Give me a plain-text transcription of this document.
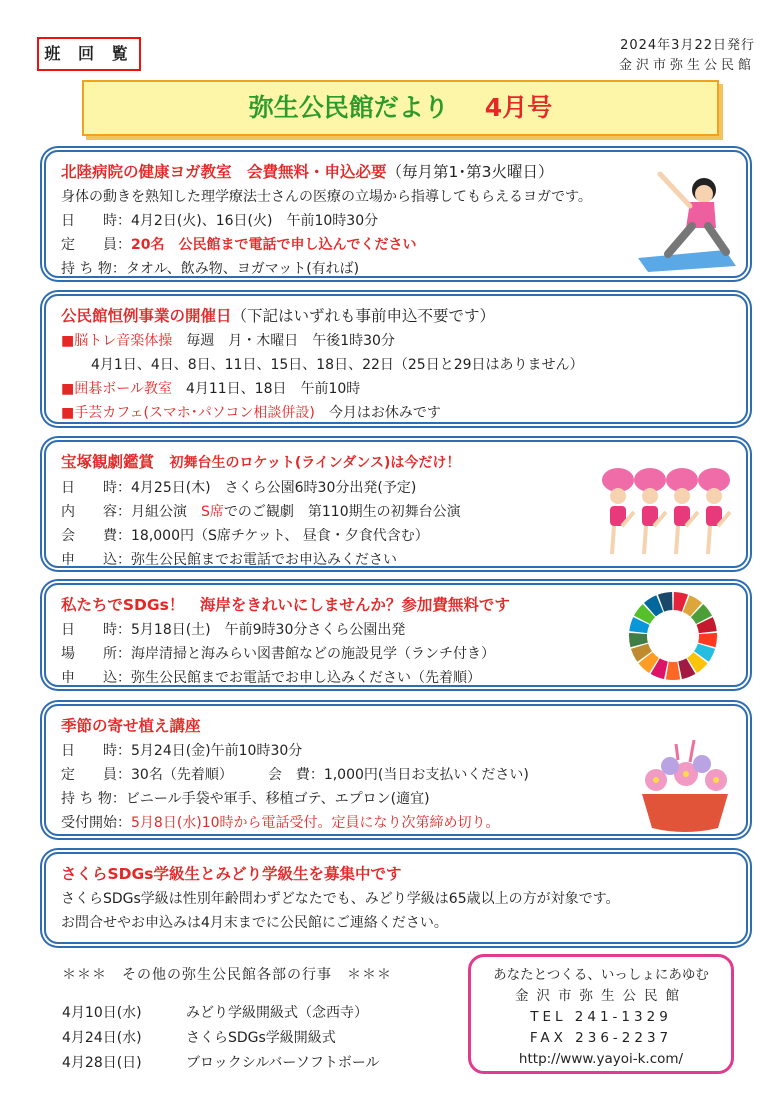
班 回 覧	2024年3月22日発行
金沢市弥生公民館
弥生公民館だより 4月号
北陸病院の健康ヨガ教室　会費無料・申込必要（毎月第1･第3火曜日）
身体の動きを熟知した理学療法士さんの医療の立場から指導してもらえるヨガです。
日　　時：4月2日(火)、16日(火)　午前10時30分
定　　員：20名　公民館まで電話で申し込んでください
持 ち 物：タオル、飲み物、ヨガマット(有れば)
公民館恒例事業の開催日（下記はいずれも事前申込不要です）
■脳トレ音楽体操　毎週　月・木曜日　午後1時30分
4月1日、4日、8日、11日、15日、18日、22日（25日と29日はありません）
■囲碁ボール教室　4月11日、18日　午前10時
■手芸カフェ(スマホ･パソコン相談併設)　今月はお休みです
宝塚観劇鑑賞　 初舞台生のロケット(ラインダンス)は今だけ！
日　　時：4月25日(木)　さくら公園6時30分出発(予定)
内　　容：月組公演　S席でのご観劇　第110期生の初舞台公演
会　　費：18,000円（S席チケット、 昼食・夕食代含む）
申　　込：弥生公民館までお電話でお申込みください
私たちでSDGs！　海岸をきれいにしませんか？参加費無料です
日　　時：5月18日(土)　午前9時30分さくら公園出発
場　　所：海岸清掃と海みらい図書館などの施設見学（ランチ付き）
申　　込：弥生公民館までお電話でお申し込みください（先着順）
季節の寄せ植え講座
日　　時：5月24日(金)午前10時30分
定　　員：30名（先着順）　　　	会　費：1,000円(当日お支払いください)
持 ち 物：ビニール手袋や軍手、移植ゴテ、エプロン(適宜)
受付開始：5月8日(水)10時から電話受付。定員になり次第締め切り。
さくらSDGs学級生とみどり学級生を募集中です
さくらSDGs学級は性別年齢問わずどなたでも、みどり学級は65歳以上の方が対象です。
お問合せやお申込みは4月末までに公民館にご連絡ください。
＊＊＊　その他の弥生公民館各部の行事　＊＊＊
4月10日(水)	みどり学級開級式（念西寺）
4月24日(水)	さくらSDGs学級開級式
4月28日(日)	ブロックシルバーソフトボール
あなたとつくる、いっしょにあゆむ
金沢市弥生公民館
TEL 241-1329
FAX 236-2237
http://www.yayoi-k.com/
